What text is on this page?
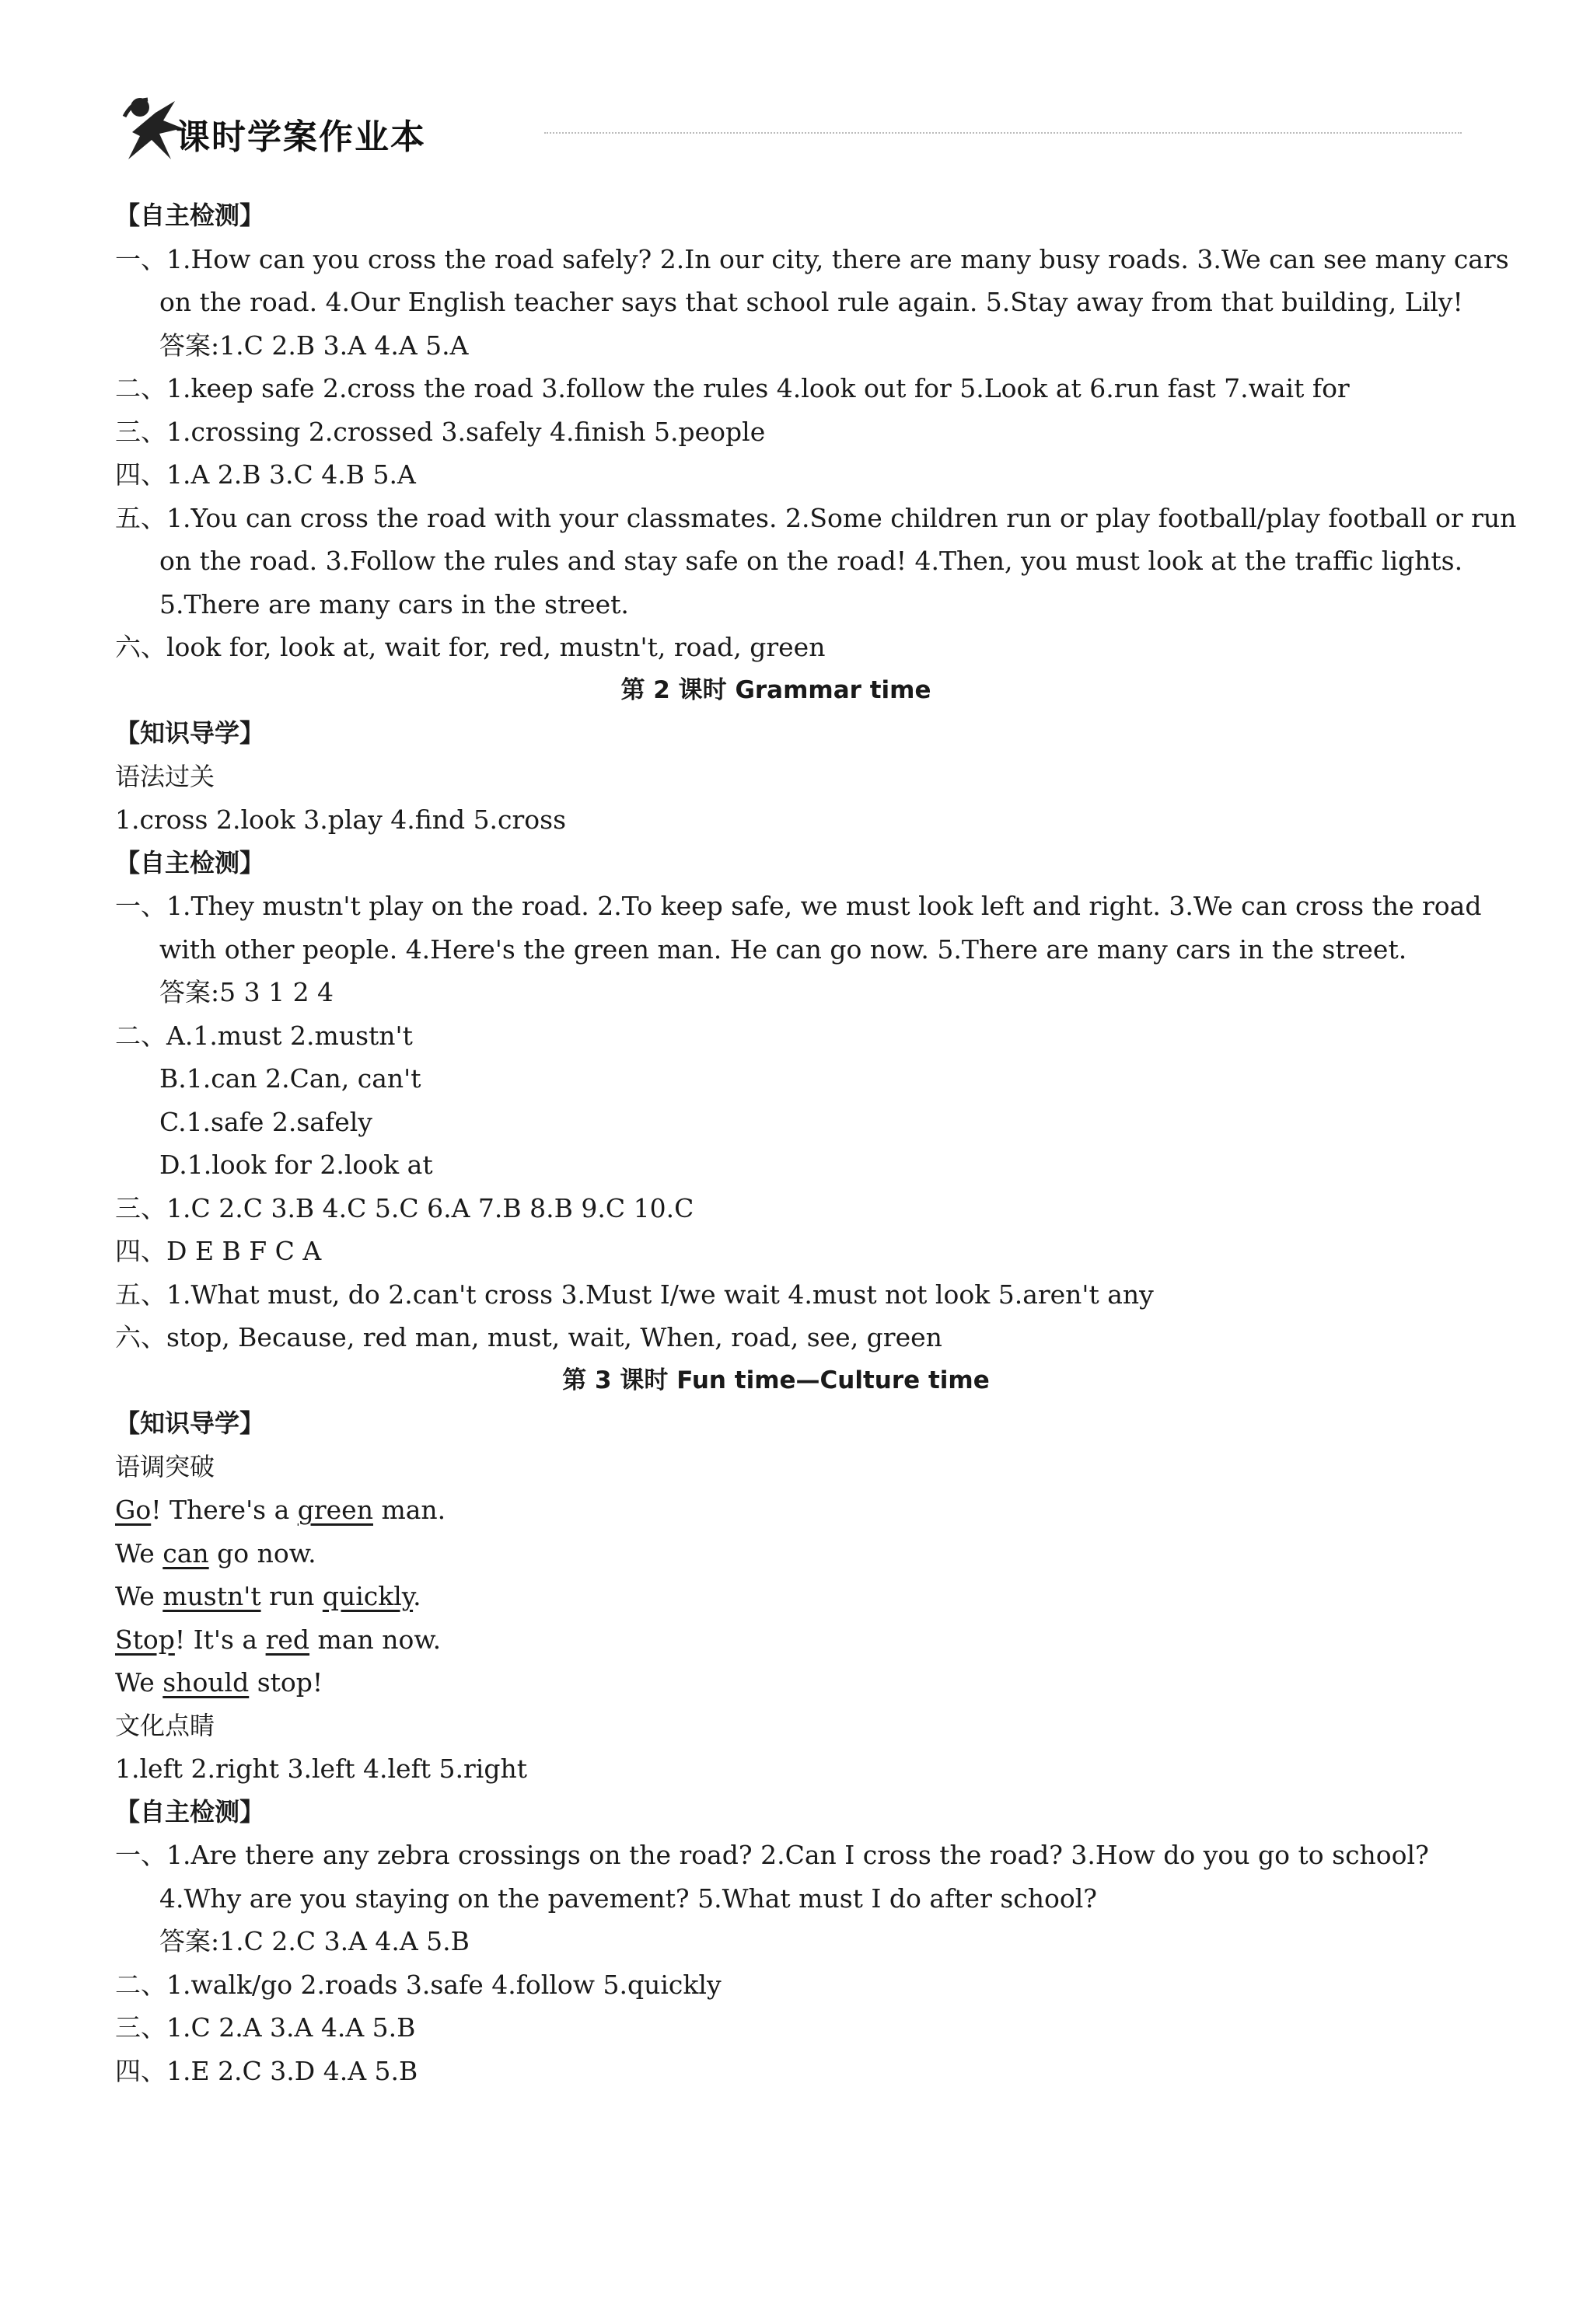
课时学案作业本
【自主检测】
一、1.How can you cross the road safely? 2.In our city, there are many busy roads. 3.We can see many cars
on the road. 4.Our English teacher says that school rule again. 5.Stay away from that building, Lily!
答案:1.C 2.B 3.A 4.A 5.A
二、1.keep safe 2.cross the road 3.follow the rules 4.look out for 5.Look at 6.run fast 7.wait for
三、1.crossing 2.crossed 3.safely 4.finish 5.people
四、1.A 2.B 3.C 4.B 5.A
五、1.You can cross the road with your classmates. 2.Some children run or play football/play football or run
on the road. 3.Follow the rules and stay safe on the road! 4.Then, you must look at the traffic lights.
5.There are many cars in the street.
六、look for, look at, wait for, red, mustn't, road, green
第 2 课时 Grammar time
【知识导学】
语法过关
1.cross 2.look 3.play 4.find 5.cross
【自主检测】
一、1.They mustn't play on the road. 2.To keep safe, we must look left and right. 3.We can cross the road
with other people. 4.Here's the green man. He can go now. 5.There are many cars in the street.
答案:5 3 1 2 4
二、A.1.must 2.mustn't
B.1.can 2.Can, can't
C.1.safe 2.safely
D.1.look for 2.look at
三、1.C 2.C 3.B 4.C 5.C 6.A 7.B 8.B 9.C 10.C
四、D E B F C A
五、1.What must, do 2.can't cross 3.Must I/we wait 4.must not look 5.aren't any
六、stop, Because, red man, must, wait, When, road, see, green
第 3 课时 Fun time—Culture time
【知识导学】
语调突破
Go! There's a green man.
We can go now.
We mustn't run quickly.
Stop! It's a red man now.
We should stop!
文化点睛
1.left 2.right 3.left 4.left 5.right
【自主检测】
一、1.Are there any zebra crossings on the road? 2.Can I cross the road? 3.How do you go to school?
4.Why are you staying on the pavement? 5.What must I do after school?
答案:1.C 2.C 3.A 4.A 5.B
二、1.walk/go 2.roads 3.safe 4.follow 5.quickly
三、1.C 2.A 3.A 4.A 5.B
四、1.E 2.C 3.D 4.A 5.B
